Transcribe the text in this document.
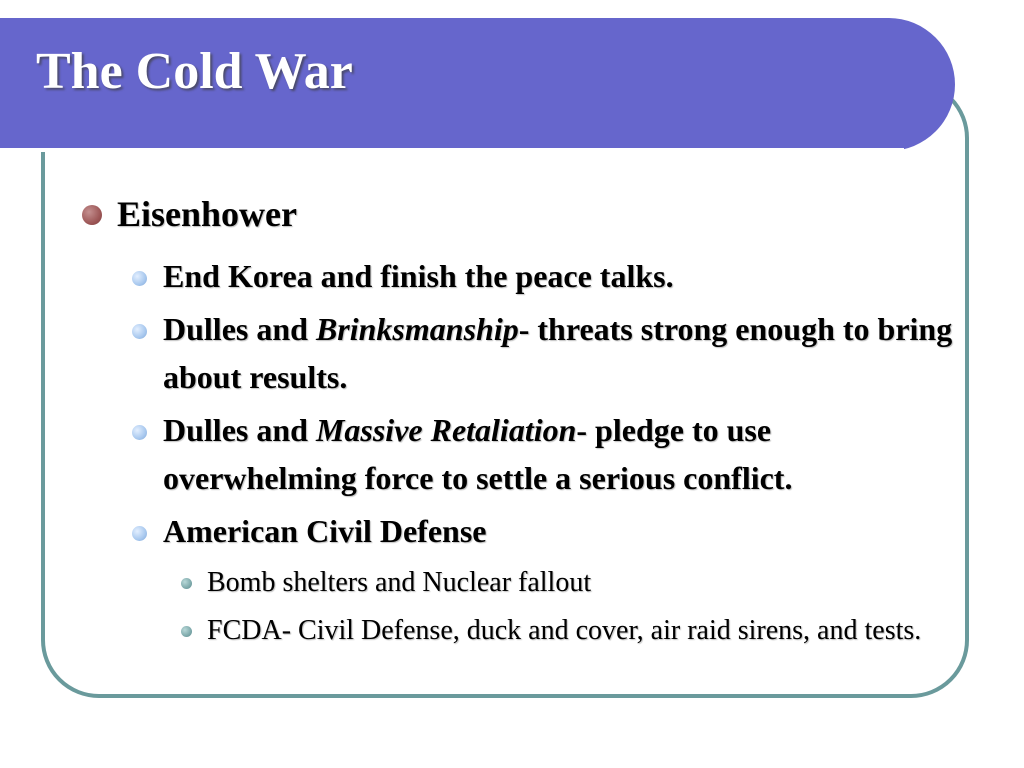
The Cold War
Eisenhower
End Korea and finish the peace talks.
Dulles and Brinksmanship- threats strong enough to bring about results.
Dulles and Massive Retaliation- pledge to use overwhelming force to settle a serious conflict.
American Civil Defense
Bomb shelters and Nuclear fallout
FCDA- Civil Defense, duck and cover, air raid sirens, and tests.
